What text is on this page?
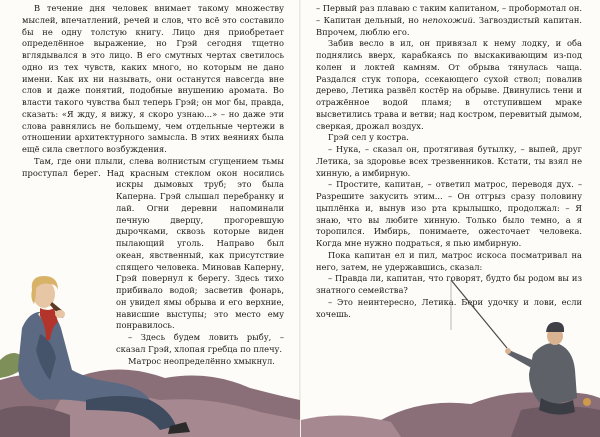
В течение дня человек внимает такому множеству мыслей, впечатлений, речей и слов, что всё это составило бы не одну толстую книгу. Лицо дня приобретает определённое выражение, но Грэй сегодня тщетно вглядывался в это лицо. В его смутных чертах светилось одно из тех чувств, каких много, но которым не дано имени. Как их ни называть, они останутся навсегда вне слов и даже понятий, подобные внушению аромата. Во власти такого чувства был теперь Грэй; он мог бы, правда, сказать: «Я жду, я вижу, я скоро узнаю...» – но даже эти слова равнялись не большему, чем отдельные чертежи в отношении архитектурного замысла. В этих веяниях была ещё сила светлого возбуждения.

Там, где они плыли, слева волнистым сгущением тьмы проступал берег. Над красным стеклом окон носились искры дымовых труб; это была Каперна. Грэй слышал перебранку и лай. Огни деревни напоминали печную дверцу, прогоревшую дырочками, сквозь которые виден пылающий уголь. Направо был океан, явственный, как присутствие спящего человека. Миновав Каперну, Грэй повернул к берегу. Здесь тихо прибивало водой; засветив фонарь, он увидел ямы обрыва и его верхние, нависшие выступы; это место ему понравилось.

– Здесь будем ловить рыбу, – сказал Грэй, хлопая гребца по плечу.

Матрос неопределённо хмыкнул.

– Первый раз плаваю с таким капитаном, – пробормотал он. – Капитан дельный, но непохожий. Загвоздистый капитан. Впрочем, люблю его.

Забив весло в ил, он привязал к нему лодку, и оба поднялись вверх, карабкаясь по выскакивающим из-под колен и локтей камням. От обрыва тянулась чаща. Раздался стук топора, ссекающего сухой ствол; повалив дерево, Летика развёл костёр на обрыве. Двинулись тени и отражённое водой пламя; в отступившем мраке высветились трава и ветви; над костром, перевитый дымом, сверкая, дрожал воздух.

Грэй сел у костра.

– Нука, – сказал он, протягивая бутылку, – выпей, друг Летика, за здоровье всех трезвенников. Кстати, ты взял не хинную, а имбирную.

– Простите, капитан, – ответил матрос, переводя дух. – Разрешите закусить этим... – Он отгрыз сразу половину цыплёнка и, вынув изо рта крылышко, продолжал: – Я знаю, что вы любите хинную. Только было темно, а я торопился. Имбирь, понимаете, ожесточает человека. Когда мне нужно подраться, я пью имбирную.

Пока капитан ел и пил, матрос искоса посматривал на него, затем, не удержавшись, сказал:

– Правда ли, капитан, что говорят, будто бы родом вы из знатного семейства?

– Это неинтересно, Летика. Бери удочку и лови, если хочешь.
